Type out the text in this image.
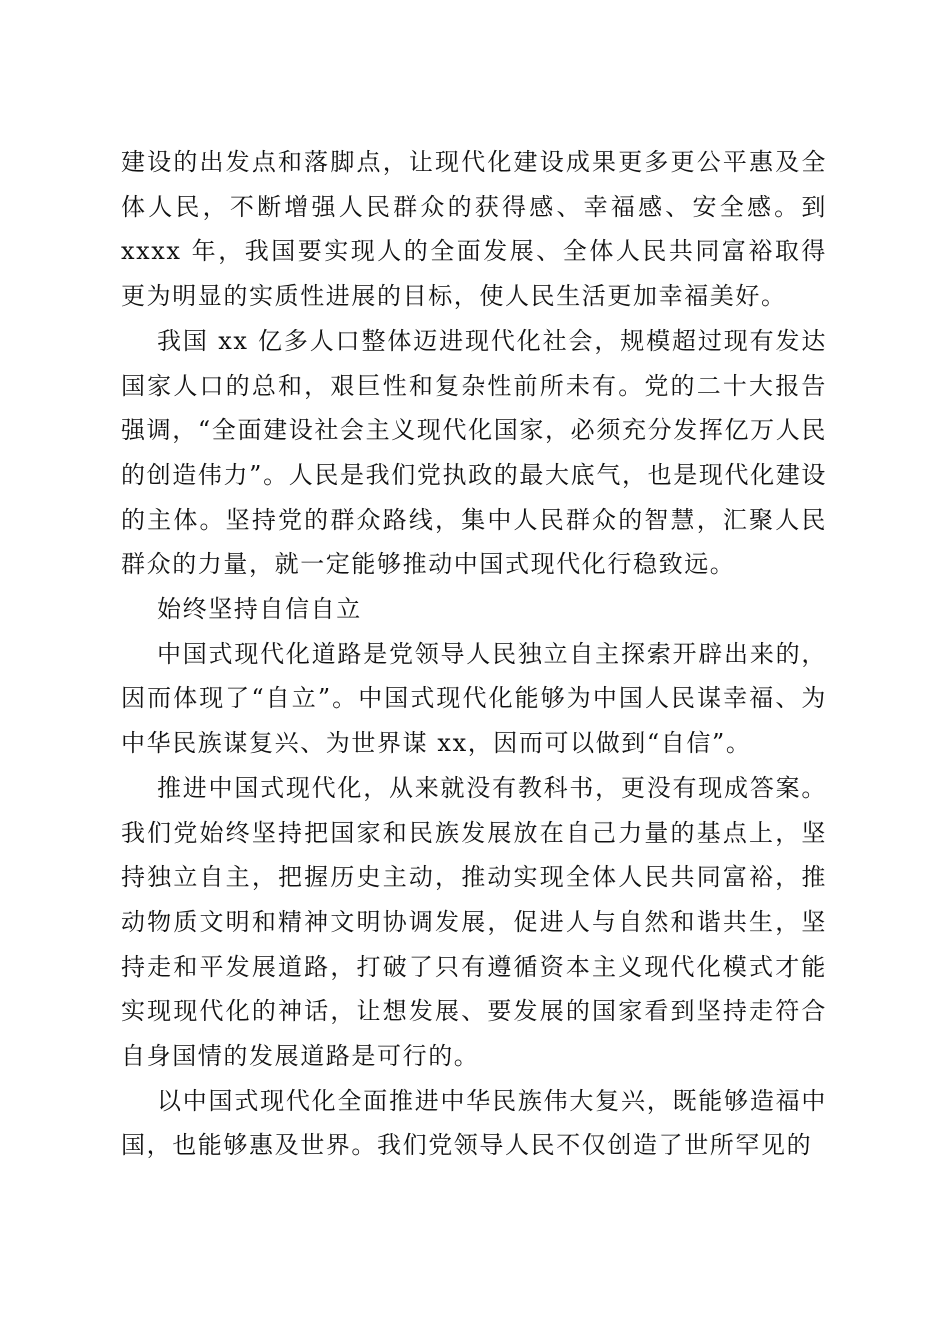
建设的出发点和落脚点，让现代化建设成果更多更公平惠及全体人民，不断增强人民群众的获得感、幸福感、安全感。到 xxxx 年，我国要实现人的全面发展、全体人民共同富裕取得更为明显的实质性进展的目标，使人民生活更加幸福美好。

我国 xx 亿多人口整体迈进现代化社会，规模超过现有发达国家人口的总和，艰巨性和复杂性前所未有。党的二十大报告强调，“全面建设社会主义现代化国家，必须充分发挥亿万人民的创造伟力”。人民是我们党执政的最大底气，也是现代化建设的主体。坚持党的群众路线，集中人民群众的智慧，汇聚人民群众的力量，就一定能够推动中国式现代化行稳致远。

始终坚持自信自立

中国式现代化道路是党领导人民独立自主探索开辟出来的，因而体现了“自立”。中国式现代化能够为中国人民谋幸福、为中华民族谋复兴、为世界谋 xx，因而可以做到“自信”。

推进中国式现代化，从来就没有教科书，更没有现成答案。我们党始终坚持把国家和民族发展放在自己力量的基点上，坚持独立自主，把握历史主动，推动实现全体人民共同富裕，推动物质文明和精神文明协调发展，促进人与自然和谐共生，坚持走和平发展道路，打破了只有遵循资本主义现代化模式才能实现现代化的神话，让想发展、要发展的国家看到坚持走符合自身国情的发展道路是可行的。

以中国式现代化全面推进中华民族伟大复兴，既能够造福中国，也能够惠及世界。我们党领导人民不仅创造了世所罕见的
